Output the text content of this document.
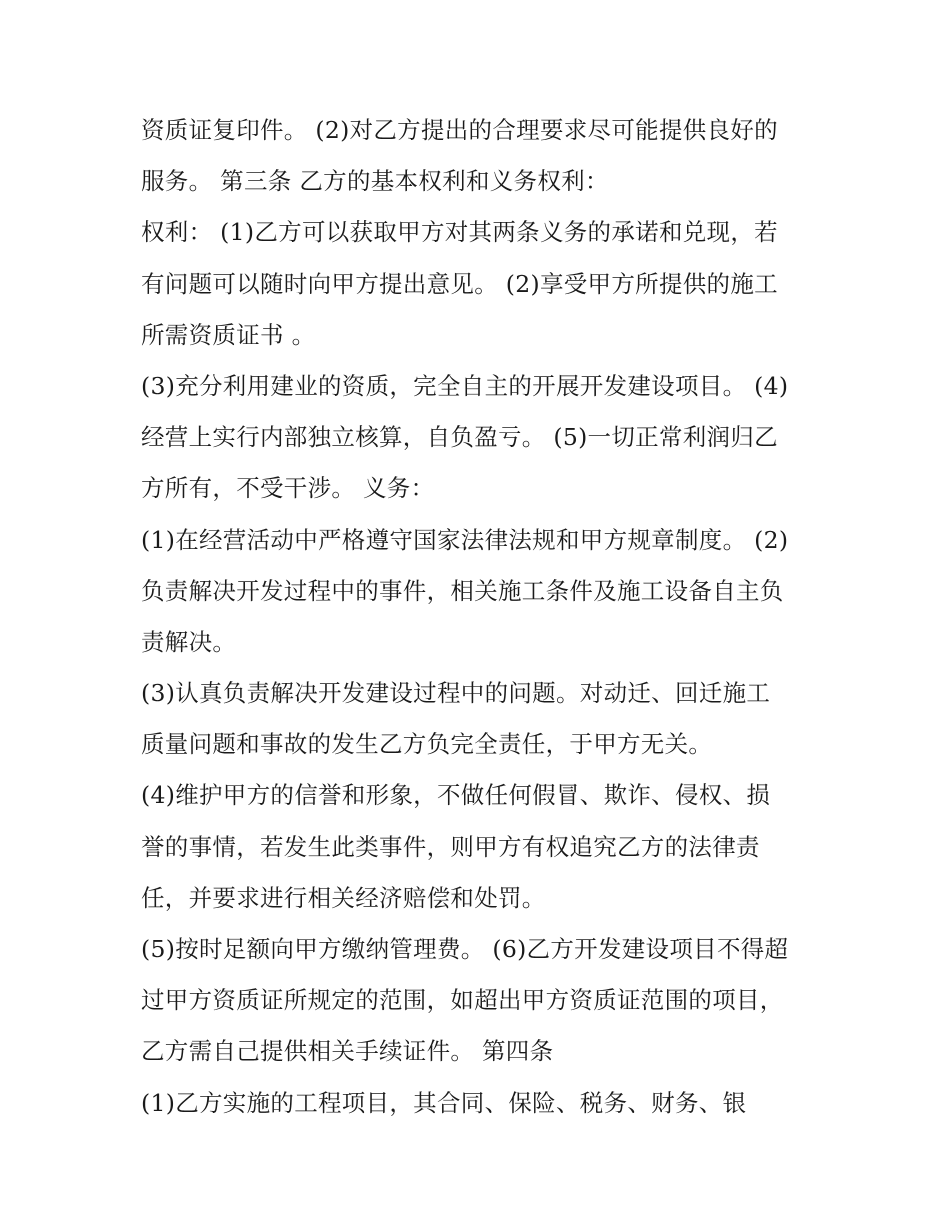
资质证复印件。 (2)对乙方提出的合理要求尽可能提供良好的
服务。 第三条 乙方的基本权利和义务权利：
权利： (1)乙方可以获取甲方对其两条义务的承诺和兑现，若
有问题可以随时向甲方提出意见。 (2)享受甲方所提供的施工
所需资质证书 。
(3)充分利用建业的资质，完全自主的开展开发建设项目。 (4)
经营上实行内部独立核算，自负盈亏。 (5)一切正常利润归乙
方所有，不受干涉。 义务：
(1)在经营活动中严格遵守国家法律法规和甲方规章制度。 (2)
负责解决开发过程中的事件，相关施工条件及施工设备自主负
责解决。
(3)认真负责解决开发建设过程中的问题。对动迁、回迁施工
质量问题和事故的发生乙方负完全责任，于甲方无关。
(4)维护甲方的信誉和形象，不做任何假冒、欺诈、侵权、损
誉的事情，若发生此类事件，则甲方有权追究乙方的法律责
任，并要求进行相关经济赔偿和处罚。
(5)按时足额向甲方缴纳管理费。 (6)乙方开发建设项目不得超
过甲方资质证所规定的范围，如超出甲方资质证范围的项目，
乙方需自己提供相关手续证件。 第四条
(1)乙方实施的工程项目，其合同、保险、税务、财务、银
